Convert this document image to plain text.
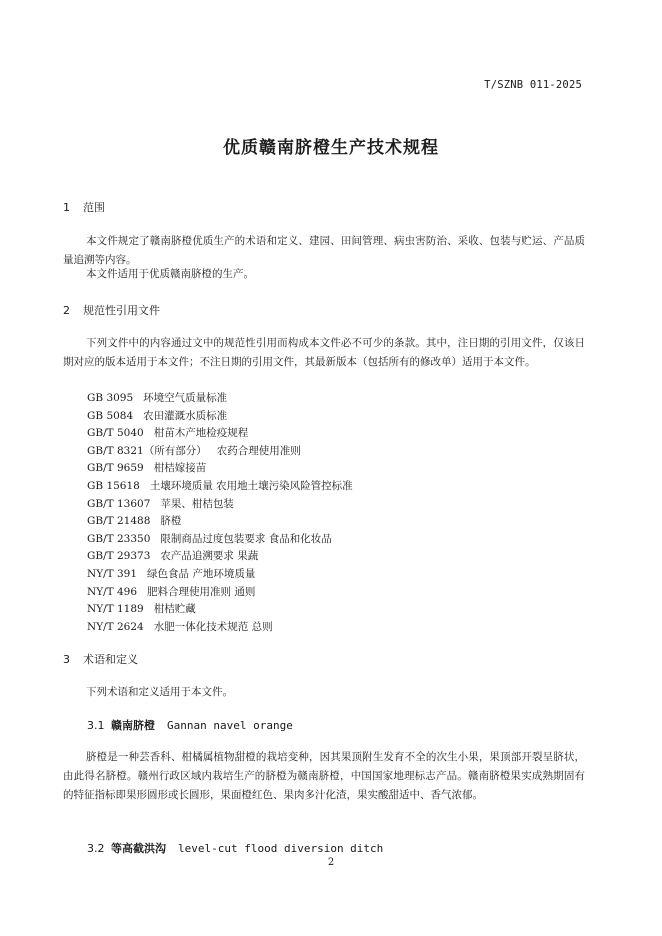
T/SZNB 011-2025
优质赣南脐橙生产技术规程
1 范围
本文件规定了赣南脐橙优质生产的术语和定义、建园、田间管理、病虫害防治、采收、包装与贮运、产品质量追溯等内容。
本文件适用于优质赣南脐橙的生产。
2 规范性引用文件
下列文件中的内容通过文中的规范性引用而构成本文件必不可少的条款。其中，注日期的引用文件，仅该日期对应的版本适用于本文件；不注日期的引用文件，其最新版本（包括所有的修改单）适用于本文件。
GB 3095 环境空气质量标准
GB 5084 农田灌溉水质标准
GB/T 5040 柑苗木产地检疫规程
GB/T 8321（所有部分） 农药合理使用准则
GB/T 9659 柑桔嫁接苗
GB 15618 土壤环境质量 农用地土壤污染风险管控标准
GB/T 13607 苹果、柑桔包装
GB/T 21488 脐橙
GB/T 23350 限制商品过度包装要求 食品和化妆品
GB/T 29373 农产品追溯要求 果蔬
NY/T 391 绿色食品 产地环境质量
NY/T 496 肥料合理使用准则 通则
NY/T 1189 柑桔贮藏
NY/T 2624 水肥一体化技术规范 总则
3 术语和定义
下列术语和定义适用于本文件。
3.1 赣南脐橙 Gannan navel orange
脐橙是一种芸香科、柑橘属植物甜橙的栽培变种，因其果顶附生发育不全的次生小果，果顶部开裂呈脐状，由此得名脐橙。赣州行政区域内栽培生产的脐橙为赣南脐橙，中国国家地理标志产品。赣南脐橙果实成熟期固有的特征指标即果形圆形或长圆形，果面橙红色、果肉多汁化渣，果实酸甜适中、香气浓郁。
3.2 等高截洪沟 level-cut flood diversion ditch
2
